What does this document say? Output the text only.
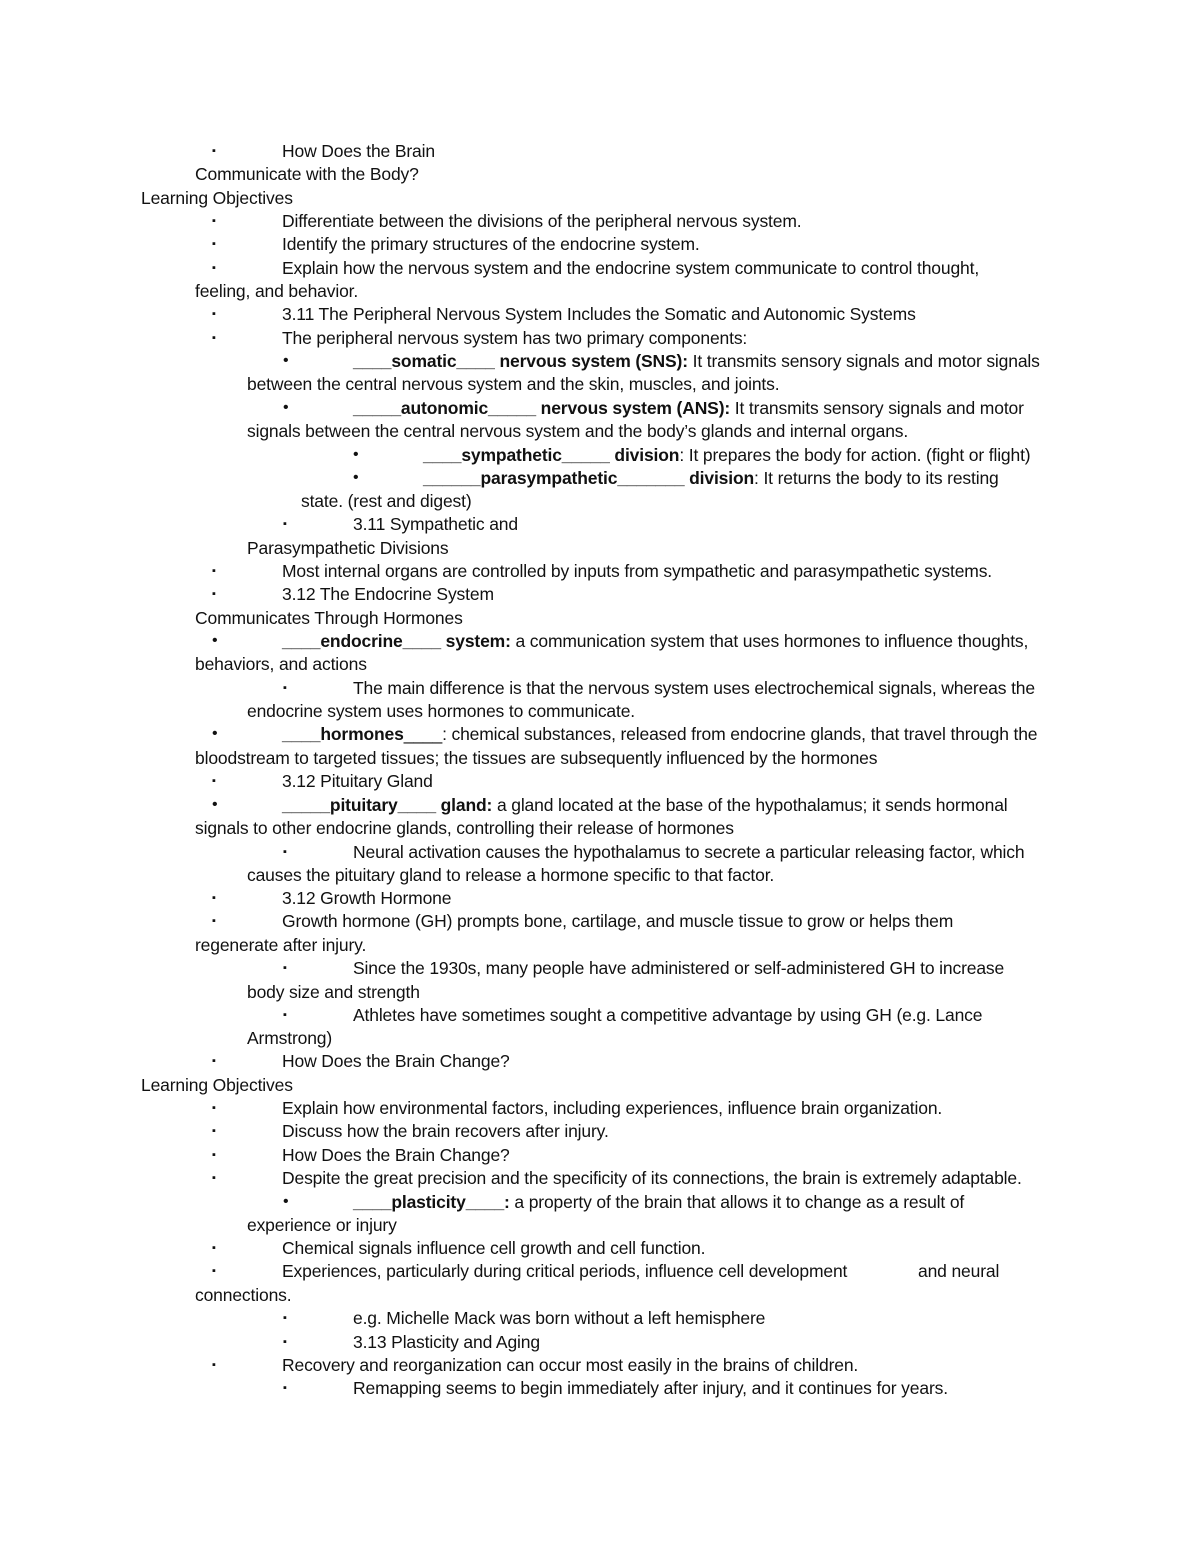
▪	How Does the Brain
Communicate with the Body?
Learning Objectives
▪	Differentiate between the divisions of the peripheral nervous system.
▪	Identify the primary structures of the endocrine system.
▪	Explain how the nervous system and the endocrine system communicate to control thought,
feeling, and behavior.
▪	3.11 The Peripheral Nervous System Includes the Somatic and Autonomic Systems
▪	The peripheral nervous system has two primary components:
•	____somatic____ nervous system (SNS): It transmits sensory signals and motor signals
between the central nervous system and the skin, muscles, and joints.
•	_____autonomic_____ nervous system (ANS): It transmits sensory signals and motor
signals between the central nervous system and the body’s glands and internal organs.
•	____sympathetic_____ division: It prepares the body for action. (fight or flight)
•	______parasympathetic_______ division: It returns the body to its resting
state. (rest and digest)
▪	3.11 Sympathetic and
Parasympathetic Divisions
▪	Most internal organs are controlled by inputs from sympathetic and parasympathetic systems.
▪	3.12 The Endocrine System
Communicates Through Hormones
•	____endocrine____ system: a communication system that uses hormones to influence thoughts,
behaviors, and actions
▪	The main difference is that the nervous system uses electrochemical signals, whereas the
endocrine system uses hormones to communicate.
•	____hormones____: chemical substances, released from endocrine glands, that travel through the
bloodstream to targeted tissues; the tissues are subsequently influenced by the hormones
▪	3.12 Pituitary Gland
•	_____pituitary____ gland: a gland located at the base of the hypothalamus; it sends hormonal
signals to other endocrine glands, controlling their release of hormones
▪	Neural activation causes the hypothalamus to secrete a particular releasing factor, which
causes the pituitary gland to release a hormone specific to that factor.
▪	3.12 Growth Hormone
▪	Growth hormone (GH) prompts bone, cartilage, and muscle tissue to grow or helps them
regenerate after injury.
▪	Since the 1930s, many people have administered or self-administered GH to increase
body size and strength
▪	Athletes have sometimes sought a competitive advantage by using GH (e.g. Lance
Armstrong)
▪	How Does the Brain Change?
Learning Objectives
▪	Explain how environmental factors, including experiences, influence brain organization.
▪	Discuss how the brain recovers after injury.
▪	How Does the Brain Change?
▪	Despite the great precision and the specificity of its connections, the brain is extremely adaptable.
•	____plasticity____: a property of the brain that allows it to change as a result of
experience or injury
▪	Chemical signals influence cell growth and cell function.
▪	Experiences, particularly during critical periods, influence cell development	and neural
connections.
▪	e.g. Michelle Mack was born without a left hemisphere
▪	3.13 Plasticity and Aging
▪	Recovery and reorganization can occur most easily in the brains of children.
▪	Remapping seems to begin immediately after injury, and it continues for years.
